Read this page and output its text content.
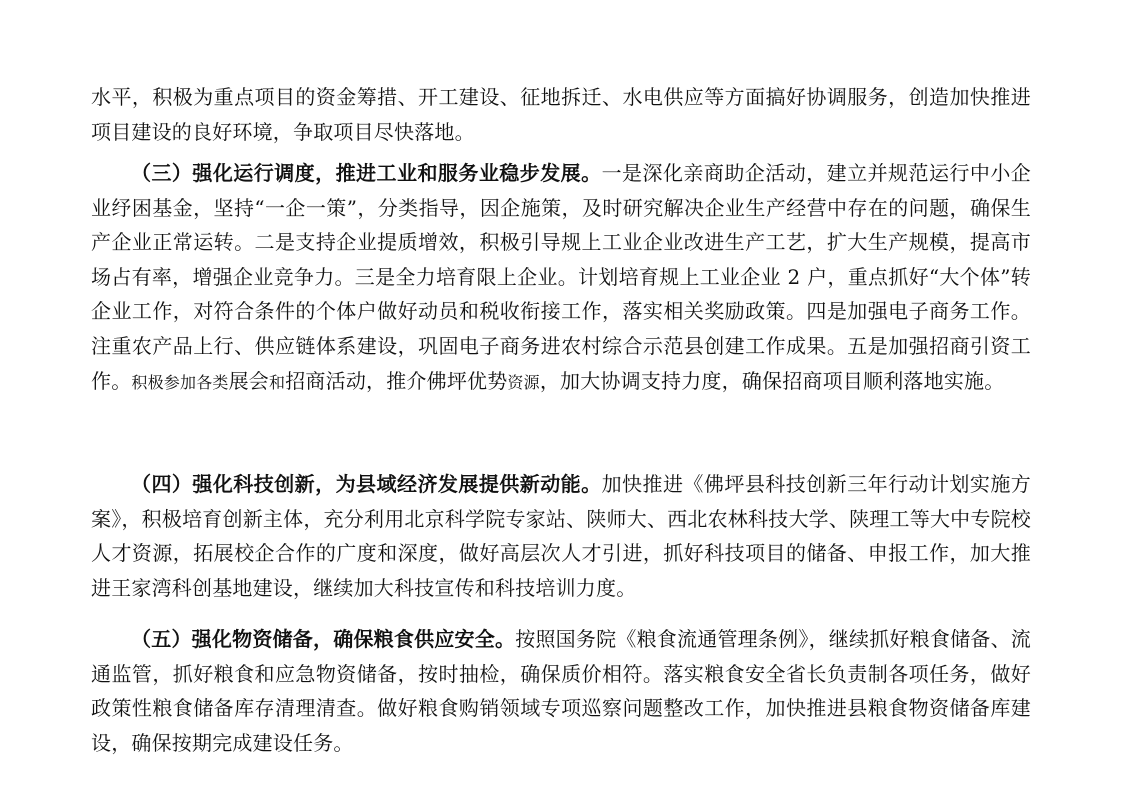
水平，积极为重点项目的资金筹措、开工建设、征地拆迁、水电供应等方面搞好协调服务，创造加快推进项目建设的良好环境，争取项目尽快落地。

（三）强化运行调度，推进工业和服务业稳步发展。一是深化亲商助企活动，建立并规范运行中小企业纾困基金，坚持“一企一策”，分类指导，因企施策，及时研究解决企业生产经营中存在的问题，确保生产企业正常运转。二是支持企业提质增效，积极引导规上工业企业改进生产工艺，扩大生产规模，提高市场占有率，增强企业竞争力。三是全力培育限上企业。计划培育规上工业企业 2 户，重点抓好“大个体”转企业工作，对符合条件的个体户做好动员和税收衔接工作，落实相关奖励政策。四是加强电子商务工作。注重农产品上行、供应链体系建设，巩固电子商务进农村综合示范县创建工作成果。五是加强招商引资工作。积极参加各类展会和招商活动，推介佛坪优势资源，加大协调支持力度，确保招商项目顺利落地实施。

（四）强化科技创新，为县域经济发展提供新动能。加快推进《佛坪县科技创新三年行动计划实施方案》，积极培育创新主体，充分利用北京科学院专家站、陕师大、西北农林科技大学、陕理工等大中专院校人才资源，拓展校企合作的广度和深度，做好高层次人才引进，抓好科技项目的储备、申报工作，加大推进王家湾科创基地建设，继续加大科技宣传和科技培训力度。

（五）强化物资储备，确保粮食供应安全。按照国务院《粮食流通管理条例》，继续抓好粮食储备、流通监管，抓好粮食和应急物资储备，按时抽检，确保质价相符。落实粮食安全省长负责制各项任务，做好政策性粮食储备库存清理清查。做好粮食购销领域专项巡察问题整改工作，加快推进县粮食物资储备库建设，确保按期完成建设任务。
